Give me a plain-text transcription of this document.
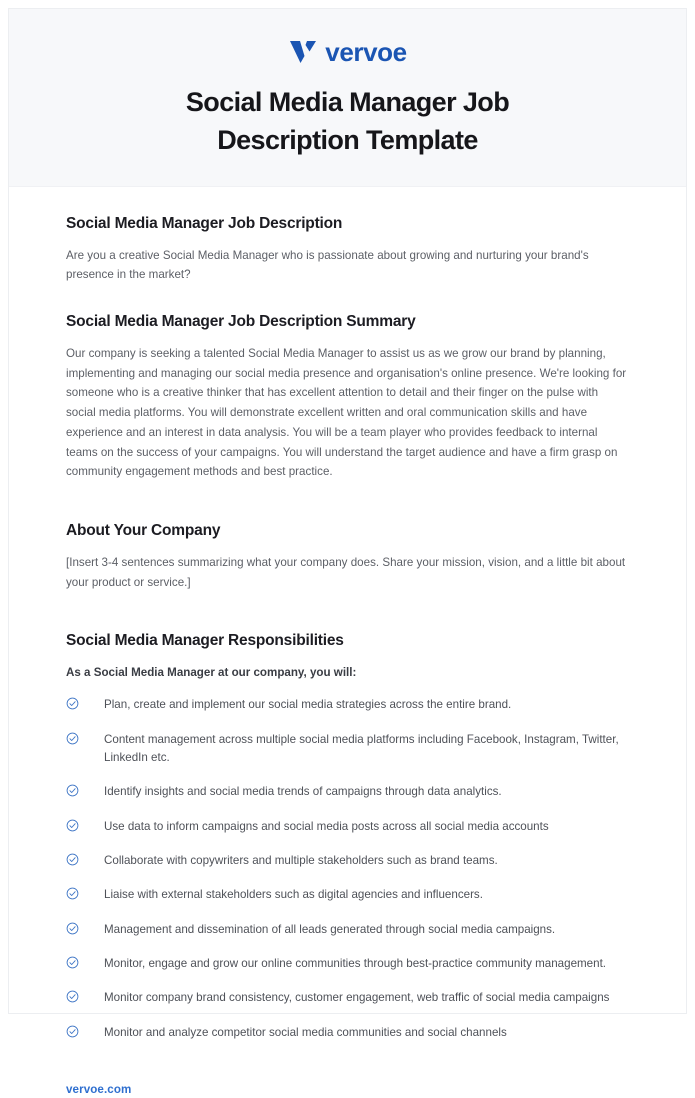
vervoe
Social Media Manager Job Description Template
Social Media Manager Job Description

Are you a creative Social Media Manager who is passionate about growing and nurturing your brand's presence in the market?

Social Media Manager Job Description Summary

Our company is seeking a talented Social Media Manager to assist us as we grow our brand by planning, implementing and managing our social media presence and organisation's online presence. We're looking for someone who is a creative thinker that has excellent attention to detail and their finger on the pulse with social media platforms. You will demonstrate excellent written and oral communication skills and have experience and an interest in data analysis. You will be a team player who provides feedback to internal teams on the success of your campaigns. You will understand the target audience and have a firm grasp on community engagement methods and best practice.

About Your Company

[Insert 3-4 sentences summarizing what your company does. Share your mission, vision, and a little bit about your product or service.]

Social Media Manager Responsibilities

As a Social Media Manager at our company, you will:

Plan, create and implement our social media strategies across the entire brand.
Content management across multiple social media platforms including Facebook, Instagram, Twitter, LinkedIn etc.
Identify insights and social media trends of campaigns through data analytics.
Use data to inform campaigns and social media posts across all social media accounts
Collaborate with copywriters and multiple stakeholders such as brand teams.
Liaise with external stakeholders such as digital agencies and influencers.
Management and dissemination of all leads generated through social media campaigns.
Monitor, engage and grow our online communities through best-practice community management.
Monitor company brand consistency, customer engagement, web traffic of social media campaigns
Monitor and analyze competitor social media communities and social channels
vervoe.com
